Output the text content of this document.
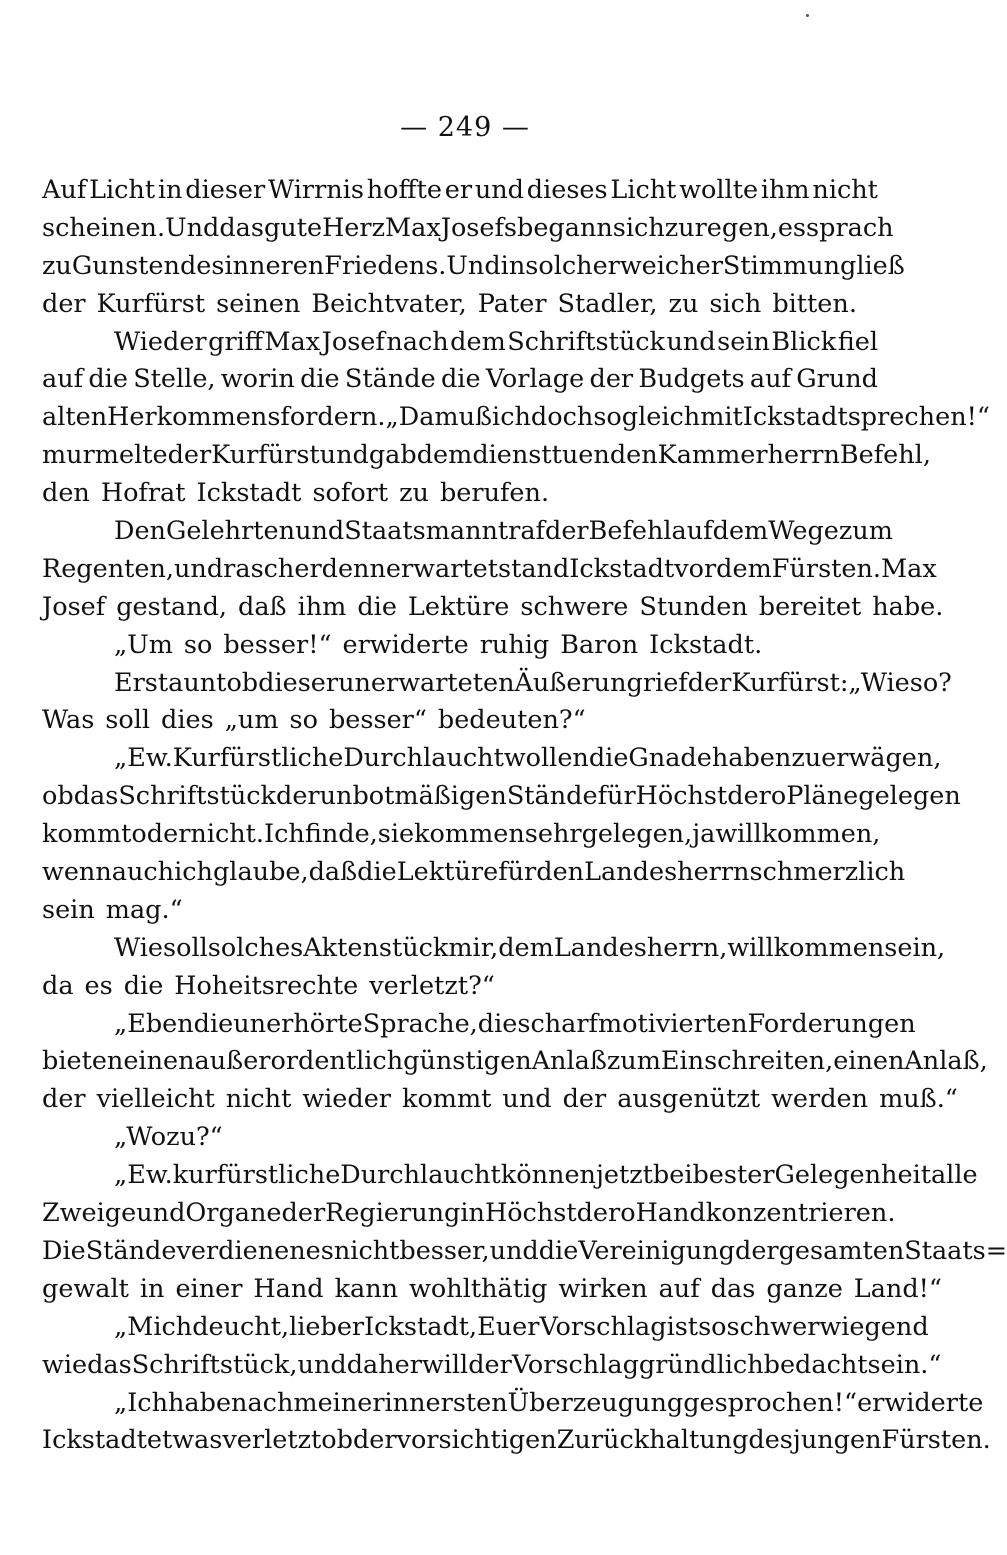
— 249 —
Auf Licht in dieser Wirrnis hoffte er und dieses Licht wollte ihm nicht
scheinen. Und das gute Herz Max Josefs begann sich zu regen, es sprach
zu Gunsten des inneren Friedens. Und in solcher weicher Stimmung ließ
der Kurfürst seinen Beichtvater, Pater Stadler, zu sich bitten.
Wieder griff Max Josef nach dem Schriftstück und sein Blick fiel
auf die Stelle, worin die Stände die Vorlage der Budgets auf Grund
alten Herkommens fordern. „Da muß ich doch sogleich mit Ickstadt sprechen!“
murmelte der Kurfürst und gab dem diensttuenden Kammerherrn Befehl,
den Hofrat Ickstadt sofort zu berufen.
Den Gelehrten und Staatsmann traf der Befehl auf dem Wege zum
Regenten, und rascher denn erwartet stand Ickstadt vor dem Fürsten. Max
Josef gestand, daß ihm die Lektüre schwere Stunden bereitet habe.
„Um so besser!“ erwiderte ruhig Baron Ickstadt.
Erstaunt ob dieser unerwarteten Äußerung rief der Kurfürst: „Wieso?
Was soll dies „um so besser“ bedeuten?“
„Ew. Kurfürstliche Durchlaucht wollen die Gnade haben zu erwägen,
ob das Schriftstück der unbotmäßigen Stände für Höchstdero Pläne gelegen
kommt oder nicht. Ich finde, sie kommen sehr gelegen, ja willkommen,
wenn auch ich glaube, daß die Lektüre für den Landesherrn schmerzlich
sein mag.“
Wie soll solches Aktenstück mir, dem Landesherrn, willkommen sein,
da es die Hoheitsrechte verletzt?“
„Eben die unerhörte Sprache, die scharf motivierten Forderungen
bieten einen außerordentlich günstigen Anlaß zum Einschreiten, einen Anlaß,
der vielleicht nicht wieder kommt und der ausgenützt werden muß.“
„Wozu?“
„Ew. kurfürstliche Durchlaucht können jetzt bei bester Gelegenheit alle
Zweige und Organe der Regierung in Höchstdero Hand konzentrieren.
Die Stände verdienen es nicht besser, und die Vereinigung der gesamten Staats=
gewalt in einer Hand kann wohlthätig wirken auf das ganze Land!“
„Mich deucht, lieber Ickstadt, Euer Vorschlag ist so schwerwiegend
wie das Schriftstück, und daher will der Vorschlag gründlich bedacht sein.“
„Ich habe nach meiner innersten Überzeugung gesprochen!“ erwiderte
Ickstadt etwas verletzt ob der vorsichtigen Zurückhaltung des jungen Fürsten.
